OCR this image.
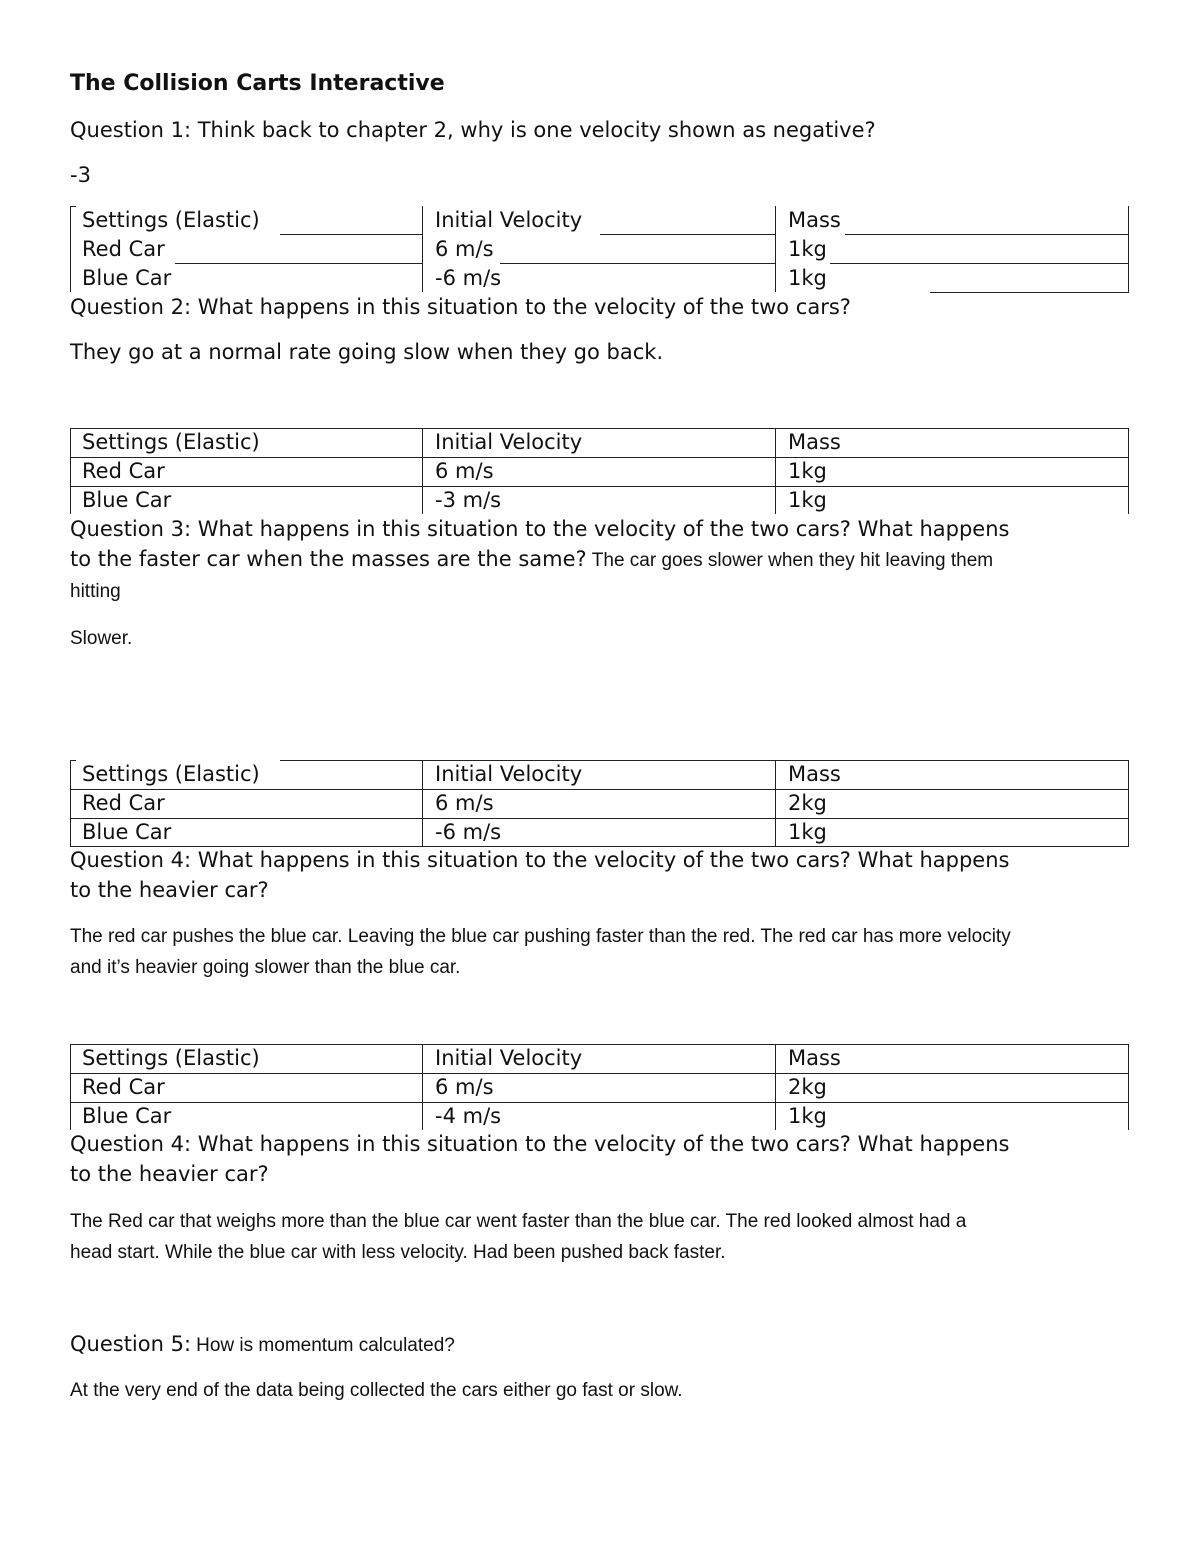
The Collision Carts Interactive
Question 1: Think back to chapter 2, why is one velocity shown as negative?
-3
Settings (Elastic)	Initial Velocity	Mass
Red Car	6 m/s	1kg
Blue Car	-6 m/s	1kg
Question 2: What happens in this situation to the velocity of the two cars?
They go at a normal rate going slow when they go back.
Settings (Elastic)	Initial Velocity	Mass
Red Car	6 m/s	1kg
Blue Car	-3 m/s	1kg
Question 3: What happens in this situation to the velocity of the two cars? What happens
to the faster car when the masses are the same? The car goes slower when they hit leaving them
hitting
Slower.
Settings (Elastic)	Initial Velocity	Mass
Red Car	6 m/s	2kg
Blue Car	-6 m/s	1kg
Question 4: What happens in this situation to the velocity of the two cars? What happens
to the heavier car?
The red car pushes the blue car. Leaving the blue car pushing faster than the red. The red car has more velocity
and it’s heavier going slower than the blue car.
Settings (Elastic)	Initial Velocity	Mass
Red Car	6 m/s	2kg
Blue Car	-4 m/s	1kg
Question 4: What happens in this situation to the velocity of the two cars? What happens
to the heavier car?
The Red car that weighs more than the blue car went faster than the blue car. The red looked almost had a
head start. While the blue car with less velocity. Had been pushed back faster.
Question 5: How is momentum calculated?
At the very end of the data being collected the cars either go fast or slow.
